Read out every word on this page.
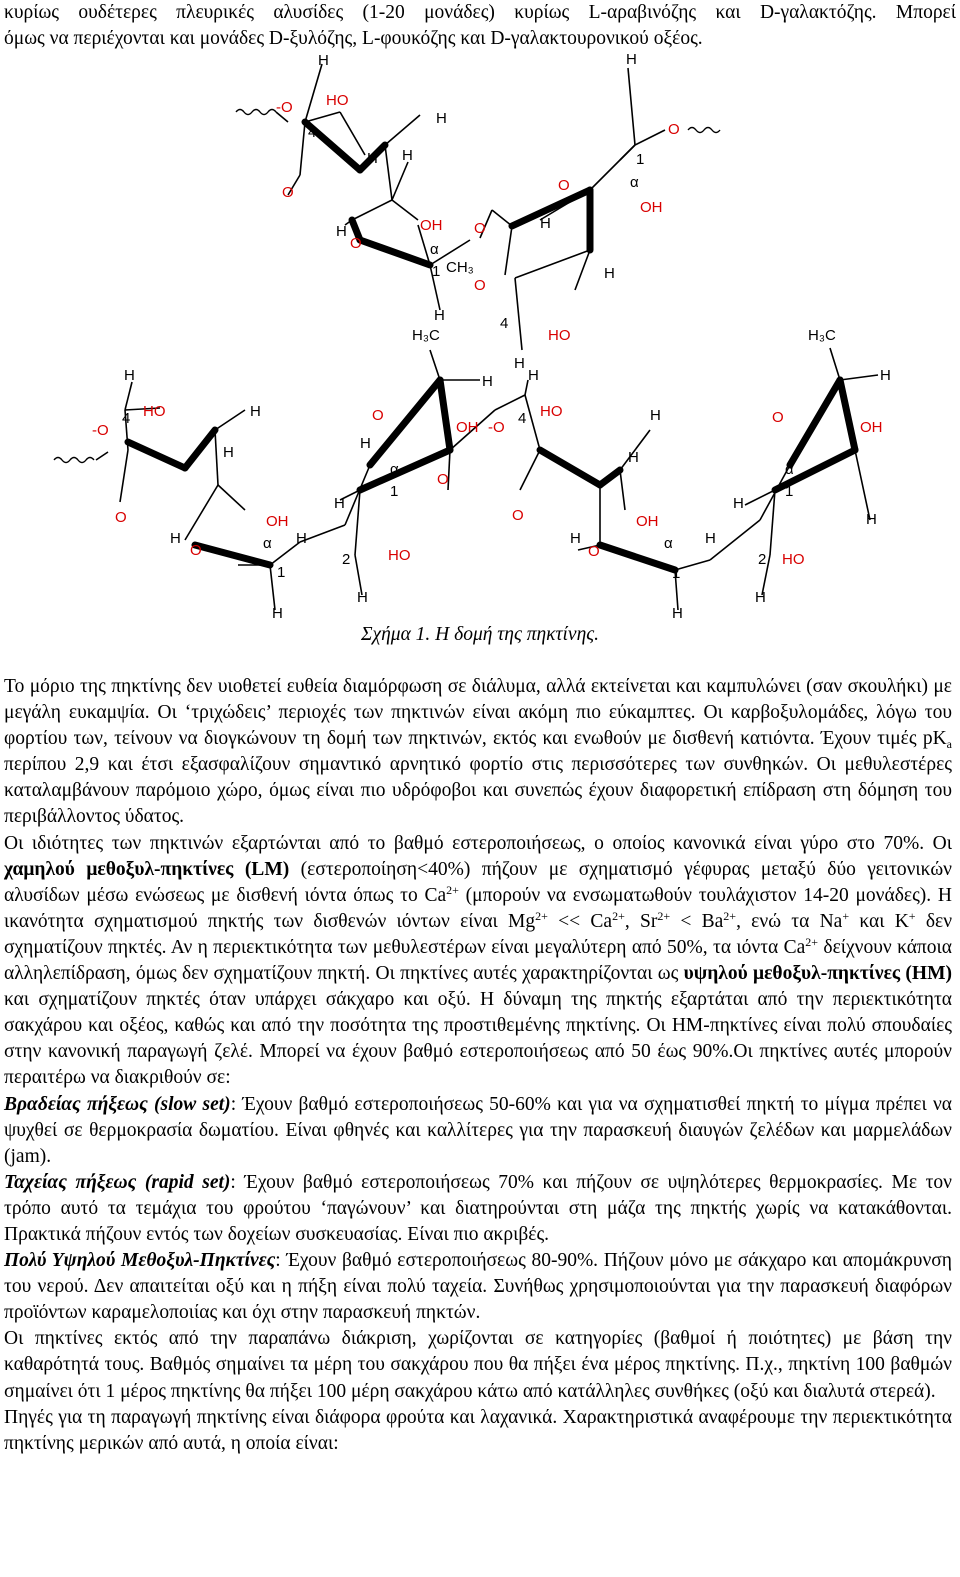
κυρίως ουδέτερες πλευρικές αλυσίδες (1-20 μονάδες) κυρίως L-αραβινόζης και D-γαλακτόζης. Μπορεί
όμως να περιέχονται και μονάδες D-ξυλόζης, L-φουκόζης και D-γαλακτουρονικού οξέος.
H
-O HO
H
4
H
H
O
H	OH
O	α
1 CH₃
H
O
O
O
H
4
HO
H
H
H
1
α
O
OH
H
4 HO
-O
H
H
O	OH
H
O	α
1
H
H
H₃C
H
O
OH
H
α
1
H
O
2	HO
H
H
-O
4 HO	H
H
O	OH
H
O	α
1
H
H
H₃C
H
O
OH
α
1
H
H
2 HO
H
Σχήμα 1. Η δομή της πηκτίνης.

Το μόριο της πηκτίνης δεν υιοθετεί ευθεία διαμόρφωση σε διάλυμα, αλλά εκτείνεται και καμπυλώνει (σαν σκουλήκι) με μεγάλη ευκαμψία. Οι ‘τριχώδεις’ περιοχές των πηκτινών είναι ακόμη πιο εύκαμπτες. Οι καρβοξυλομάδες, λόγω του φορτίου των, τείνουν να διογκώνουν τη δομή των πηκτινών, εκτός και ενωθούν με δισθενή κατιόντα. Έχουν τιμές $pK_a$ περίπου 2,9 και έτσι εξασφαλίζουν σημαντικό αρνητικό φορτίο στις περισσότερες των συνθηκών. Οι μεθυλεστέρες καταλαμβάνουν παρόμοιο χώρο, όμως είναι πιο υδρόφοβοι και συνεπώς έχουν διαφορετική επίδραση στη δόμηση του περιβάλλοντος ύδατος.

Οι ιδιότητες των πηκτινών εξαρτώνται από το βαθμό εστεροποιήσεως, ο οποίος κανονικά είναι γύρο στο 70%. Οι χαμηλού μεθοξυλ-πηκτίνες (LM) (εστεροποίηση<40%) πήζουν με σχηματισμό γέφυρας μεταξύ δύο γειτονικών αλυσίδων μέσω ενώσεως με δισθενή ιόντα όπως το $Ca^{2+}$ (μπορούν να ενσωματωθούν τουλάχιστον 14-20 μονάδες). Η ικανότητα σχηματισμού πηκτής των δισθενών ιόντων είναι $Mg^{2+} << Ca^{2+}$, $Sr^{2+} < Ba^{2+}$, ενώ τα Na+ και K+ δεν σχηματίζουν πηκτές. Αν η περιεκτικότητα των μεθυλεστέρων είναι μεγαλύτερη από 50%, τα ιόντα $Ca^{2+}$ δείχνουν κάποια αλληλεπίδραση, όμως δεν σχηματίζουν πηκτή. Οι πηκτίνες αυτές χαρακτηρίζονται ως υψηλού μεθοξυλ-πηκτίνες (HM) και σχηματίζουν πηκτές όταν υπάρχει σάκχαρο και οξύ. Η δύναμη της πηκτής εξαρτάται από την περιεκτικότητα σακχάρου και οξέος, καθώς και από την ποσότητα της προστιθεμένης πηκτίνης. Οι HM-πηκτίνες είναι πολύ σπουδαίες στην κανονική παραγωγή ζελέ. Μπορεί να έχουν βαθμό εστεροποιήσεως από 50 έως 90%.Οι πηκτίνες αυτές μπορούν περαιτέρω να διακριθούν σε:

Βραδείας πήξεως (slow set): Έχουν βαθμό εστεροποιήσεως 50-60% και για να σχηματισθεί πηκτή το μίγμα πρέπει να ψυχθεί σε θερμοκρασία δωματίου. Είναι φθηνές και καλλίτερες για την παρασκευή διαυγών ζελέδων και μαρμελάδων (jam).

Ταχείας πήξεως (rapid set): Έχουν βαθμό εστεροποιήσεως 70% και πήζουν σε υψηλότερες θερμοκρασίες. Με τον τρόπο αυτό τα τεμάχια του φρούτου ‘παγώνουν’ και διατηρούνται στη μάζα της πηκτής χωρίς να κατακάθονται. Πρακτικά πήζουν εντός των δοχείων συσκευασίας. Είναι πιο ακριβές.

Πολύ Υψηλού Μεθοξυλ-Πηκτίνες: Έχουν βαθμό εστεροποιήσεως 80-90%. Πήζουν μόνο με σάκχαρο και απομάκρυνση του νερού. Δεν απαιτείται οξύ και η πήξη είναι πολύ ταχεία. Συνήθως χρησιμοποιούνται για την παρασκευή διαφόρων προϊόντων καραμελοποιίας και όχι στην παρασκευή πηκτών.

Οι πηκτίνες εκτός από την παραπάνω διάκριση, χωρίζονται σε κατηγορίες (βαθμοί ή ποιότητες) με βάση την καθαρότητά τους. Βαθμός σημαίνει τα μέρη του σακχάρου που θα πήξει ένα μέρος πηκτίνης. Π.χ., πηκτίνη 100 βαθμών σημαίνει ότι 1 μέρος πηκτίνης θα πήξει 100 μέρη σακχάρου κάτω από κατάλληλες συνθήκες (οξύ και διαλυτά στερεά).

Πηγές για τη παραγωγή πηκτίνης είναι διάφορα φρούτα και λαχανικά. Χαρακτηριστικά αναφέρουμε την περιεκτικότητα πηκτίνης μερικών από αυτά, η οποία είναι:
